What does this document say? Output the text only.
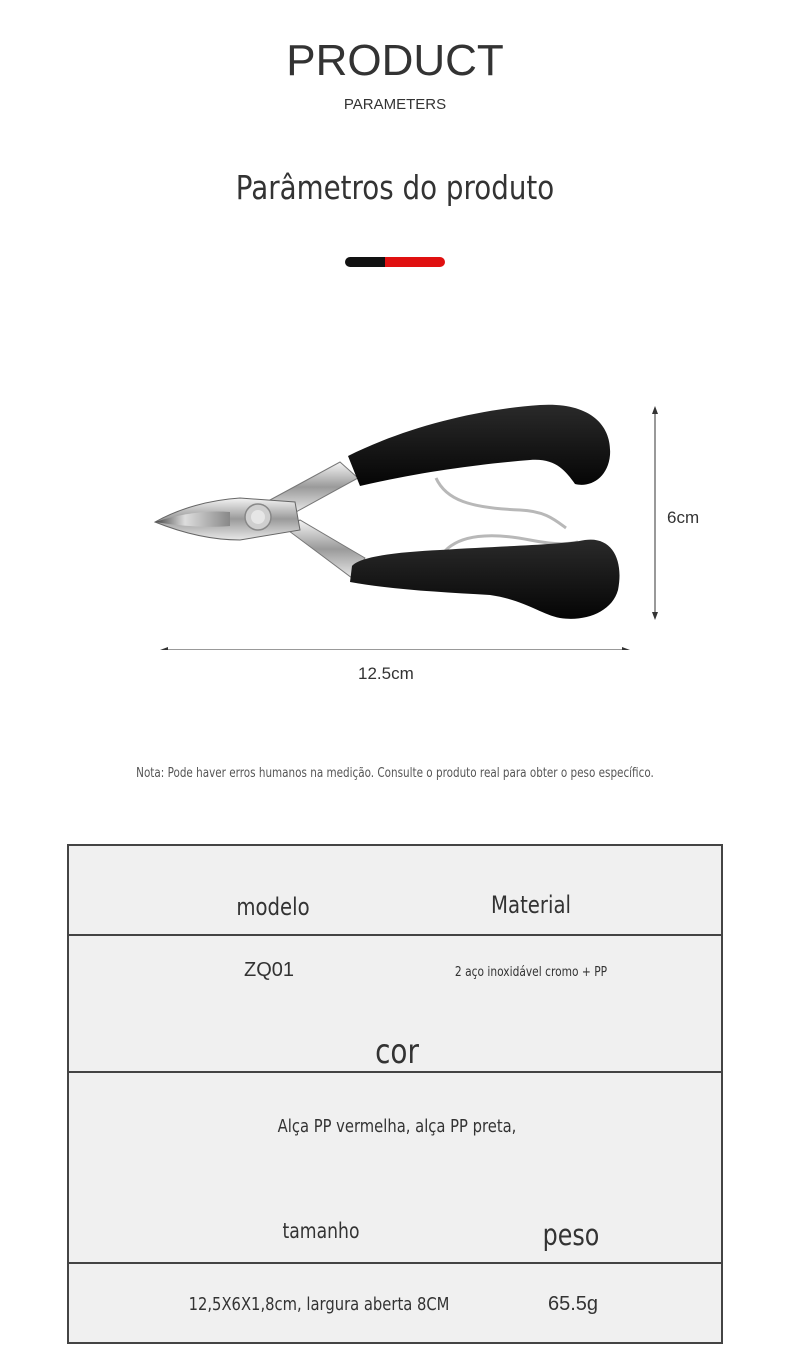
PRODUCT
PARAMETERS
Parâmetros do produto
6cm
12.5cm
Nota: Pode haver erros humanos na medição. Consulte o produto real para obter o peso específico.
modelo	Material
ZQ01	2 aço inoxidável cromo + PP
cor
Alça PP vermelha, alça PP preta,
tamanho	peso
12,5X6X1,8cm, largura aberta 8CM	65.5g
